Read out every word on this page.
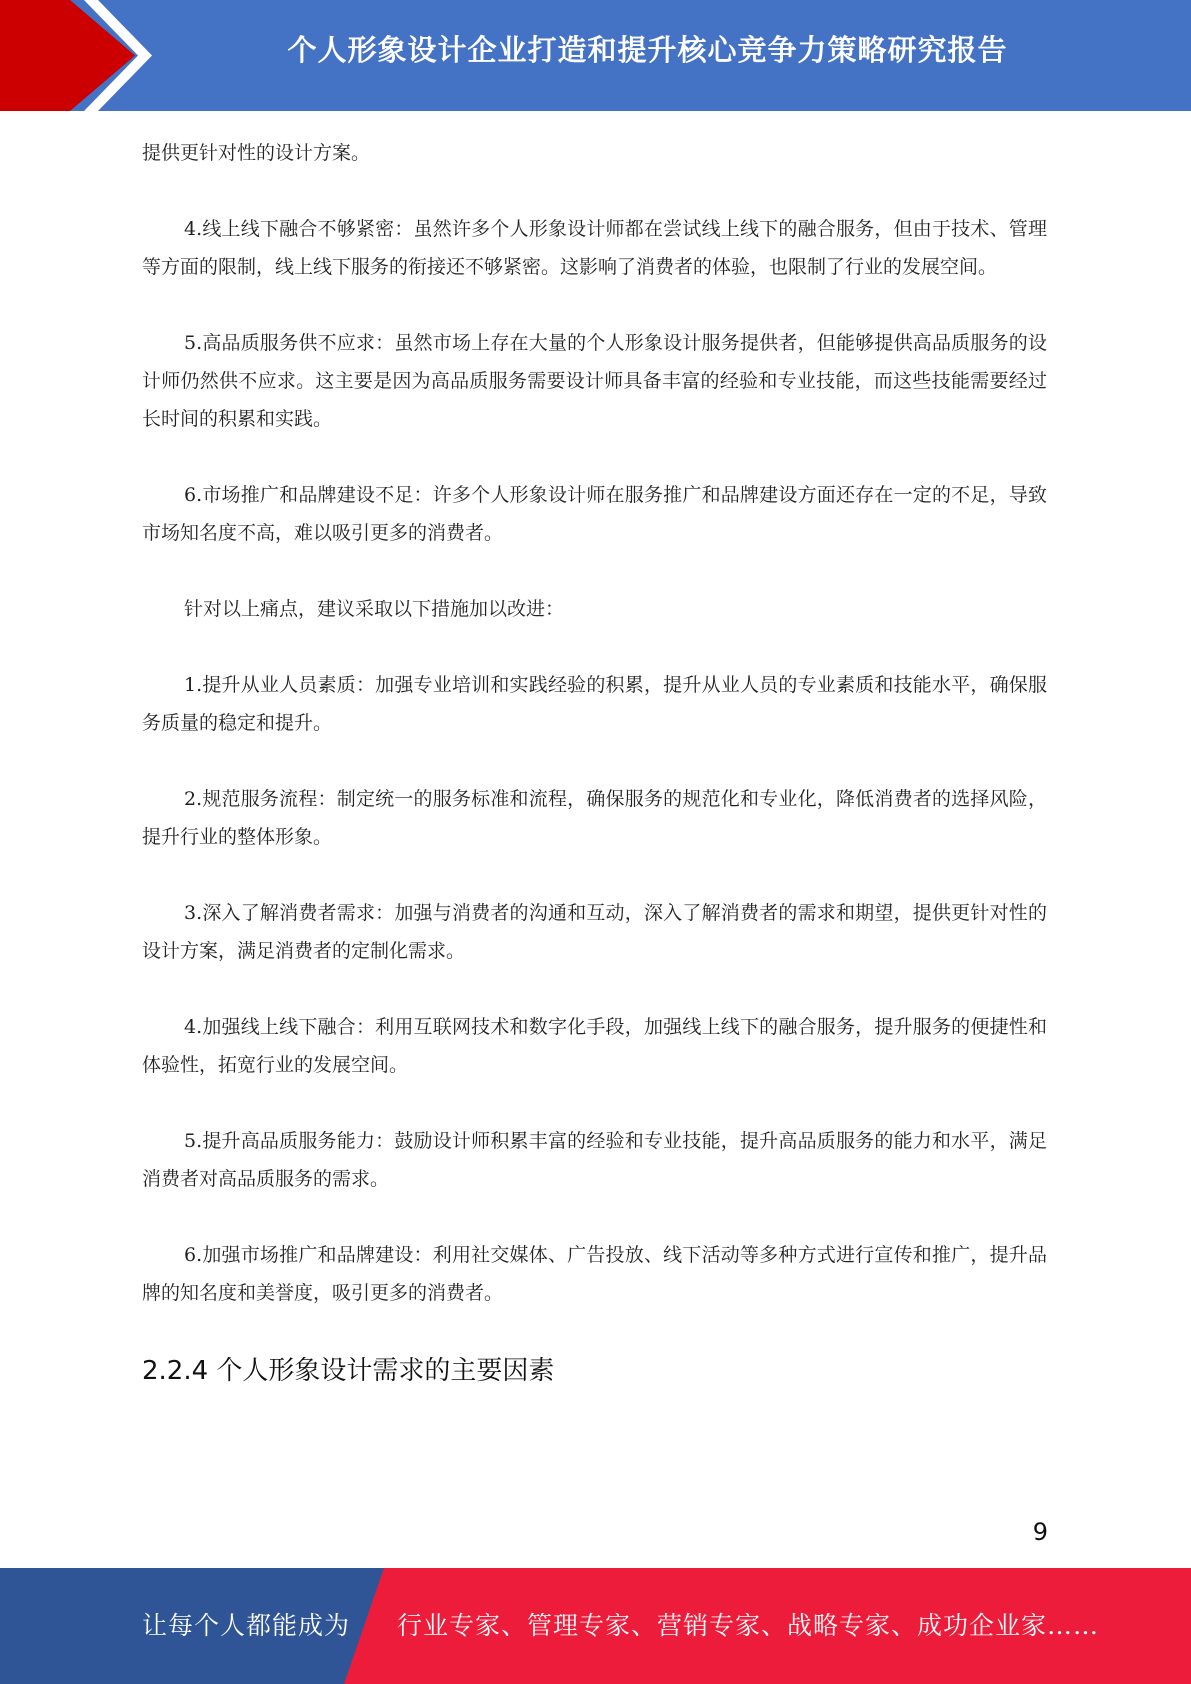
个人形象设计企业打造和提升核心竞争力策略研究报告

提供更针对性的设计方案。

4.线上线下融合不够紧密：虽然许多个人形象设计师都在尝试线上线下的融合服务，但由于技术、管理等方面的限制，线上线下服务的衔接还不够紧密。这影响了消费者的体验，也限制了行业的发展空间。

5.高品质服务供不应求：虽然市场上存在大量的个人形象设计服务提供者，但能够提供高品质服务的设计师仍然供不应求。这主要是因为高品质服务需要设计师具备丰富的经验和专业技能，而这些技能需要经过长时间的积累和实践。

6.市场推广和品牌建设不足：许多个人形象设计师在服务推广和品牌建设方面还存在一定的不足，导致市场知名度不高，难以吸引更多的消费者。

针对以上痛点，建议采取以下措施加以改进：

1.提升从业人员素质：加强专业培训和实践经验的积累，提升从业人员的专业素质和技能水平，确保服务质量的稳定和提升。

2.规范服务流程：制定统一的服务标准和流程，确保服务的规范化和专业化，降低消费者的选择风险，提升行业的整体形象。

3.深入了解消费者需求：加强与消费者的沟通和互动，深入了解消费者的需求和期望，提供更针对性的设计方案，满足消费者的定制化需求。

4.加强线上线下融合：利用互联网技术和数字化手段，加强线上线下的融合服务，提升服务的便捷性和体验性，拓宽行业的发展空间。

5.提升高品质服务能力：鼓励设计师积累丰富的经验和专业技能，提升高品质服务的能力和水平，满足消费者对高品质服务的需求。

6.加强市场推广和品牌建设：利用社交媒体、广告投放、线下活动等多种方式进行宣传和推广，提升品牌的知名度和美誉度，吸引更多的消费者。

2.2.4 个人形象设计需求的主要因素
9
让每个人都能成为 行业专家、管理专家、营销专家、战略专家、成功企业家……
